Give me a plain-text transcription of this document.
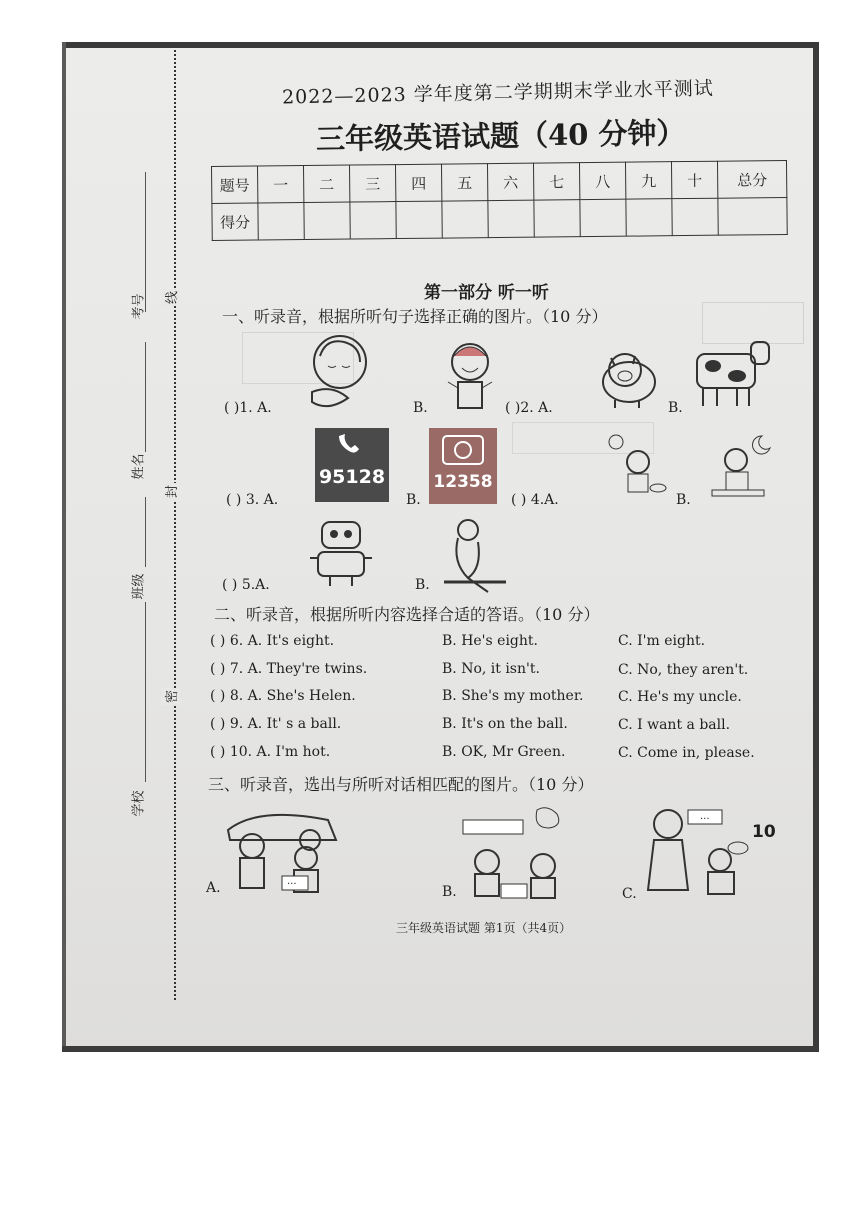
考号	线
姓名
封
班级
密
学校
2022—2023 学年度第二学期期末学业水平测试
三年级英语试题（40 分钟）
题号	一	二	三	四	五	六	七	八	九	十	总分
得分											
第一部分 听一听
一、听录音，根据所听句子选择正确的图片。（10 分）
( )1. A.	B.	( )2. A.	B.
( ) 3. A.
95128
B.
12358
( ) 4.A.	B.
( ) 5.A.	B.
二、听录音，根据所听内容选择合适的答语。（10 分）
( ) 6. A. It's eight.	B. He's eight.	C. I'm eight.
( ) 7. A. They're twins.	B. No, it isn't.	C. No, they aren't.
( ) 8. A. She's Helen.	B. She's my mother. C. He's my uncle.
( ) 9. A. It' s a ball.	B. It's on the ball.	C. I want a ball.
( ) 10. A. I'm hot.	B. OK, Mr Green.	C. Come in, please.
三、听录音，选出与所听对话相匹配的图片。（10 分）
...
A.	B.
...
10
C.
三年级英语试题 第1页（共4页）
